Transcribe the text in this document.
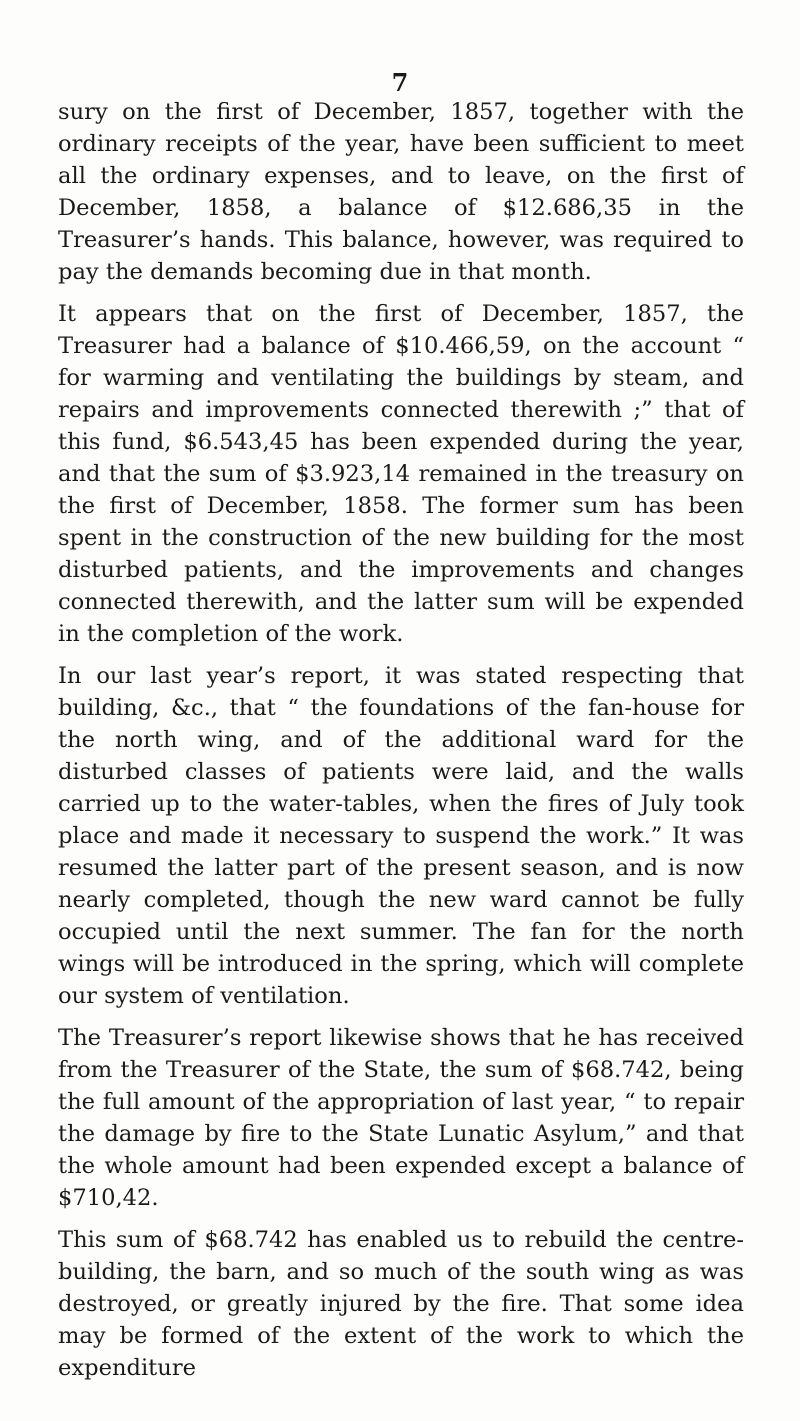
7

sury on the first of December, 1857, together with the ordinary receipts of the year, have been sufficient to meet all the ordinary expenses, and to leave, on the first of December, 1858, a balance of $12.686,35 in the Treasurer’s hands. This balance, however, was required to pay the demands becoming due in that month.

It appears that on the first of December, 1857, the Treasurer had a balance of $10.466,59, on the account “ for warming and ventilating the buildings by steam, and repairs and improvements connected therewith ;” that of this fund, $6.543,45 has been expended during the year, and that the sum of $3.923,14 remained in the treasury on the first of December, 1858. The former sum has been spent in the construction of the new building for the most disturbed patients, and the improvements and changes connected therewith, and the latter sum will be expended in the completion of the work.

In our last year’s report, it was stated respecting that building, &c., that “ the foundations of the fan-house for the north wing, and of the additional ward for the disturbed classes of patients were laid, and the walls carried up to the water-tables, when the fires of July took place and made it necessary to suspend the work.” It was resumed the latter part of the present season, and is now nearly completed, though the new ward cannot be fully occupied until the next summer. The fan for the north wings will be introduced in the spring, which will complete our system of ventilation.

The Treasurer’s report likewise shows that he has received from the Treasurer of the State, the sum of $68.742, being the full amount of the appropriation of last year, “ to repair the damage by fire to the State Lunatic Asylum,” and that the whole amount had been expended except a balance of $710,42.

This sum of $68.742 has enabled us to rebuild the centre-building, the barn, and so much of the south wing as was destroyed, or greatly injured by the fire. That some idea may be formed of the extent of the work to which the expenditure
